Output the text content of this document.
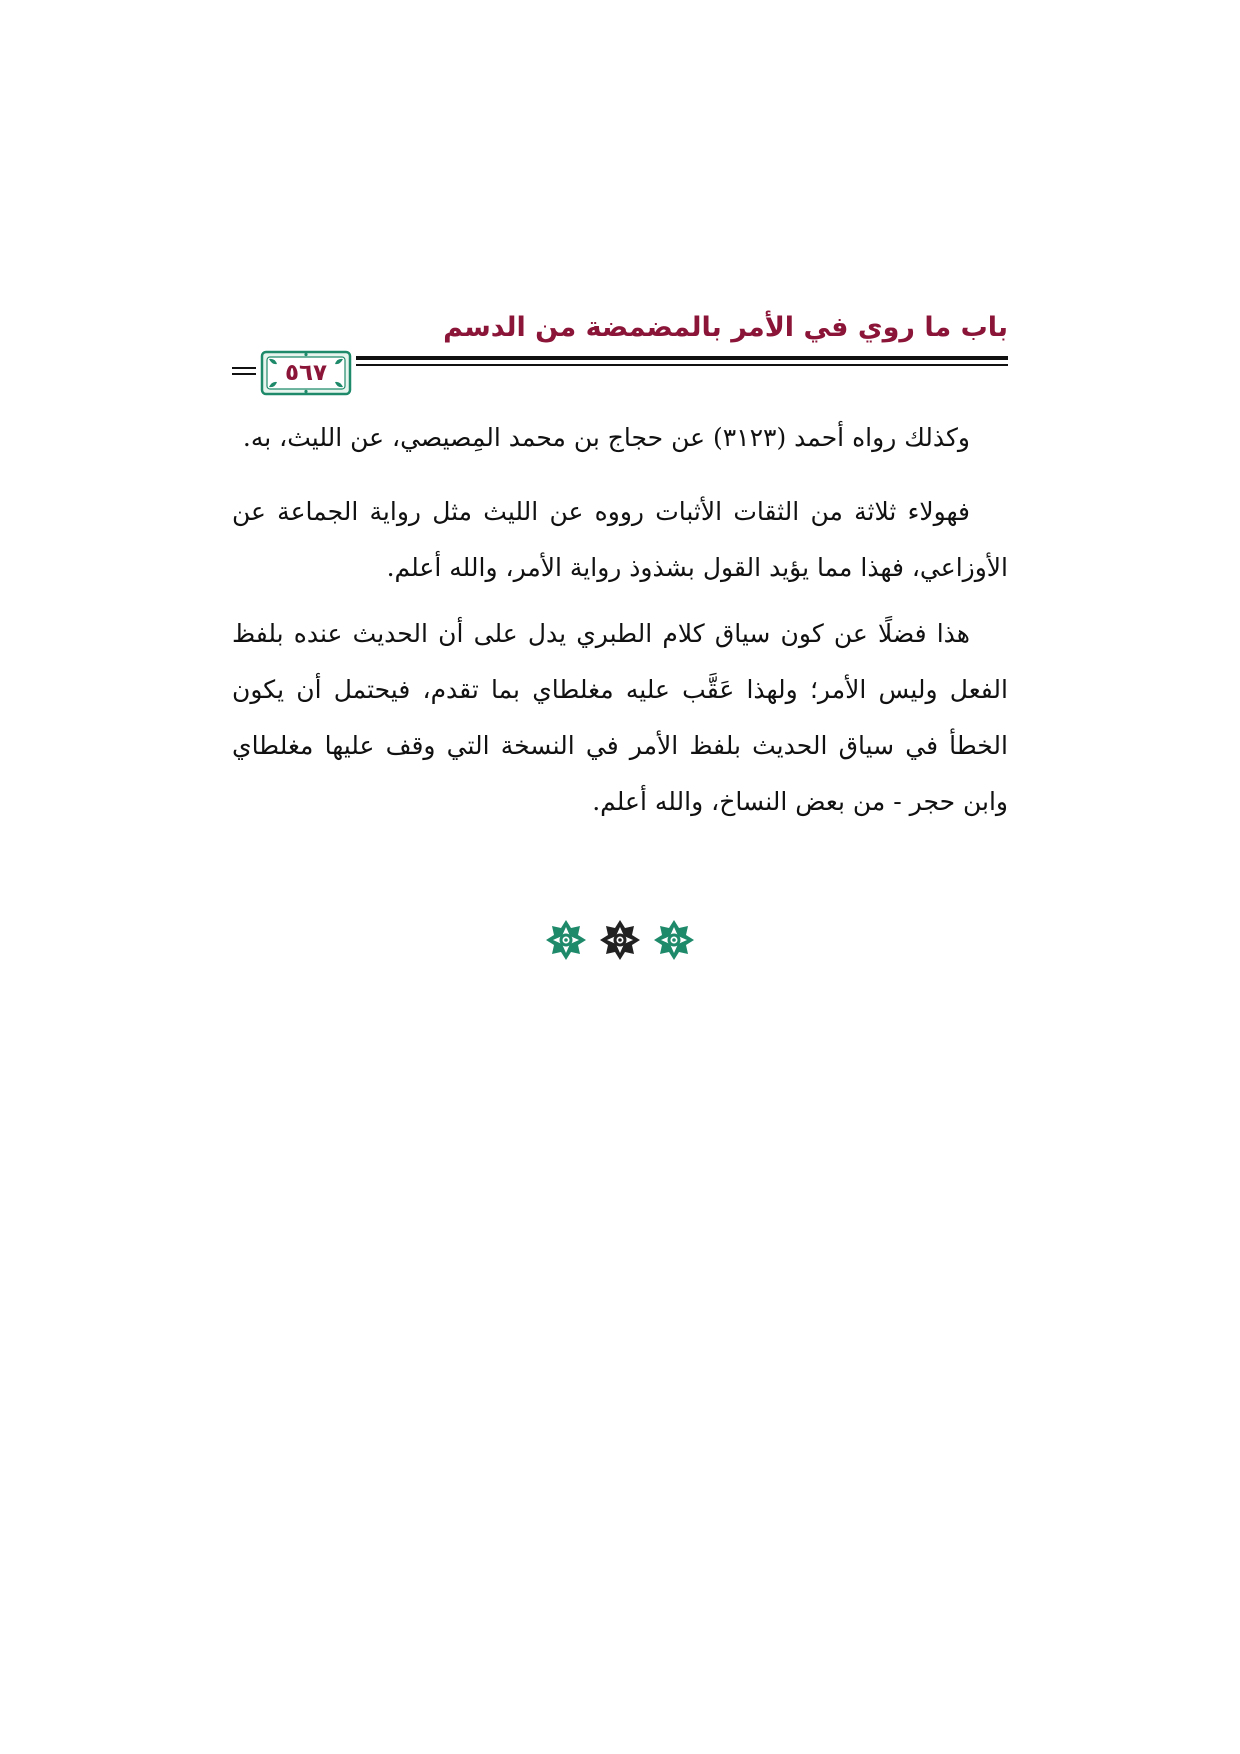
باب ما روي في الأمر بالمضمضة من الدسم
٥٦٧

وكذلك رواه أحمد (٣١٢٣) عن حجاج بن محمد المِصيصي، عن الليث، به.

فهولاء ثلاثة من الثقات الأثبات رووه عن الليث مثل رواية الجماعة عن الأوزاعي، فهذا مما يؤيد القول بشذوذ رواية الأمر، والله أعلم.

هذا فضلًا عن كون سياق كلام الطبري يدل على أن الحديث عنده بلفظ الفعل وليس الأمر؛ ولهذا عَقَّب عليه مغلطاي بما تقدم، فيحتمل أن يكون الخطأ في سياق الحديث بلفظ الأمر في النسخة التي وقف عليها مغلطاي وابن حجر - من بعض النساخ، والله أعلم.
